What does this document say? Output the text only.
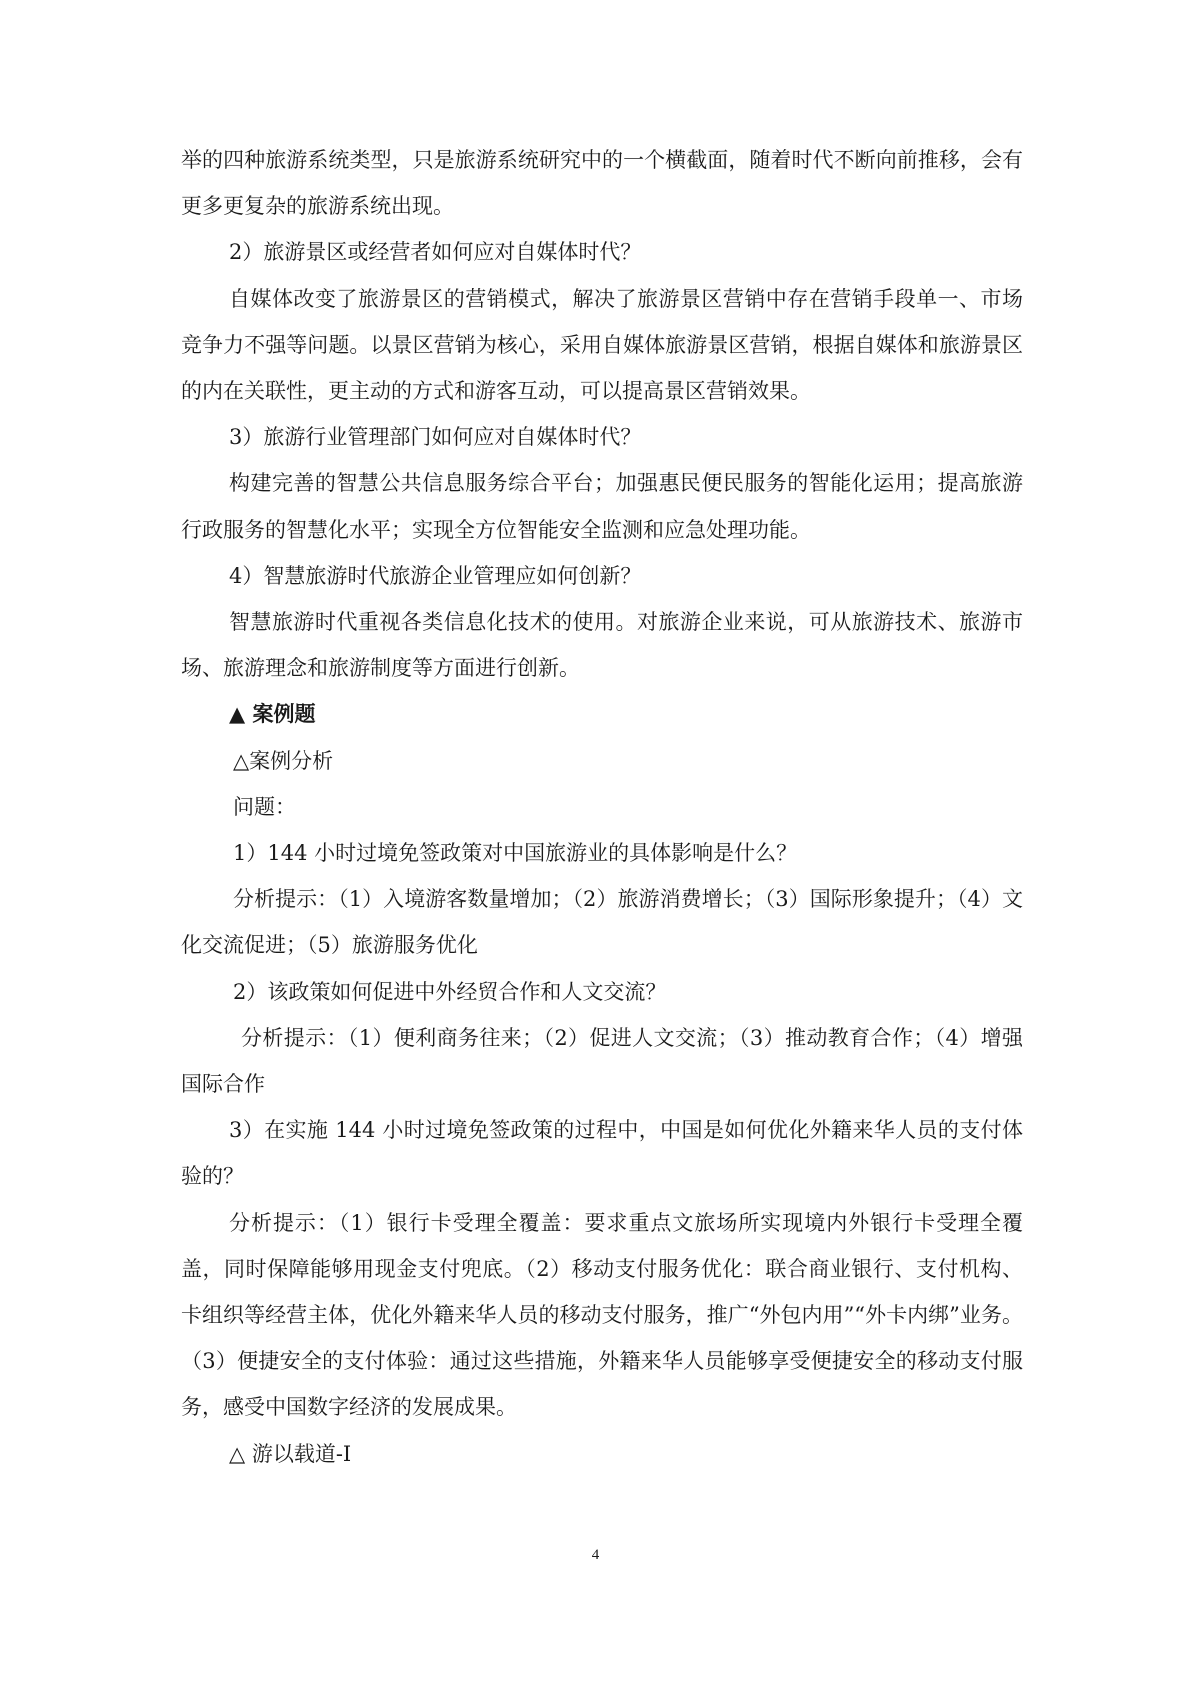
举的四种旅游系统类型，只是旅游系统研究中的一个横截面，随着时代不断向前推移，会有更多更复杂的旅游系统出现。

2）旅游景区或经营者如何应对自媒体时代？

自媒体改变了旅游景区的营销模式，解决了旅游景区营销中存在营销手段单一、市场竞争力不强等问题。以景区营销为核心，采用自媒体旅游景区营销，根据自媒体和旅游景区的内在关联性，更主动的方式和游客互动，可以提高景区营销效果。

3）旅游行业管理部门如何应对自媒体时代？

构建完善的智慧公共信息服务综合平台；加强惠民便民服务的智能化运用；提高旅游行政服务的智慧化水平；实现全方位智能安全监测和应急处理功能。

4）智慧旅游时代旅游企业管理应如何创新？

智慧旅游时代重视各类信息化技术的使用。对旅游企业来说，可从旅游技术、旅游市场、旅游理念和旅游制度等方面进行创新。

▲ 案例题

△案例分析

问题：

1）144 小时过境免签政策对中国旅游业的具体影响是什么？

分析提示：（1）入境游客数量增加；（2）旅游消费增长；（3）国际形象提升；（4）文化交流促进；（5）旅游服务优化

2）该政策如何促进中外经贸合作和人文交流？

分析提示：（1）便利商务往来；（2）促进人文交流；（3）推动教育合作；（4）增强国际合作

3）在实施 144 小时过境免签政策的过程中，中国是如何优化外籍来华人员的支付体验的？

分析提示：（1）银行卡受理全覆盖：要求重点文旅场所实现境内外银行卡受理全覆盖，同时保障能够用现金支付兜底。（2）移动支付服务优化：联合商业银行、支付机构、卡组织等经营主体，优化外籍来华人员的移动支付服务，推广“外包内用”“外卡内绑”业务。（3）便捷安全的支付体验：通过这些措施，外籍来华人员能够享受便捷安全的移动支付服务，感受中国数字经济的发展成果。

△ 游以载道-Ⅰ

4
